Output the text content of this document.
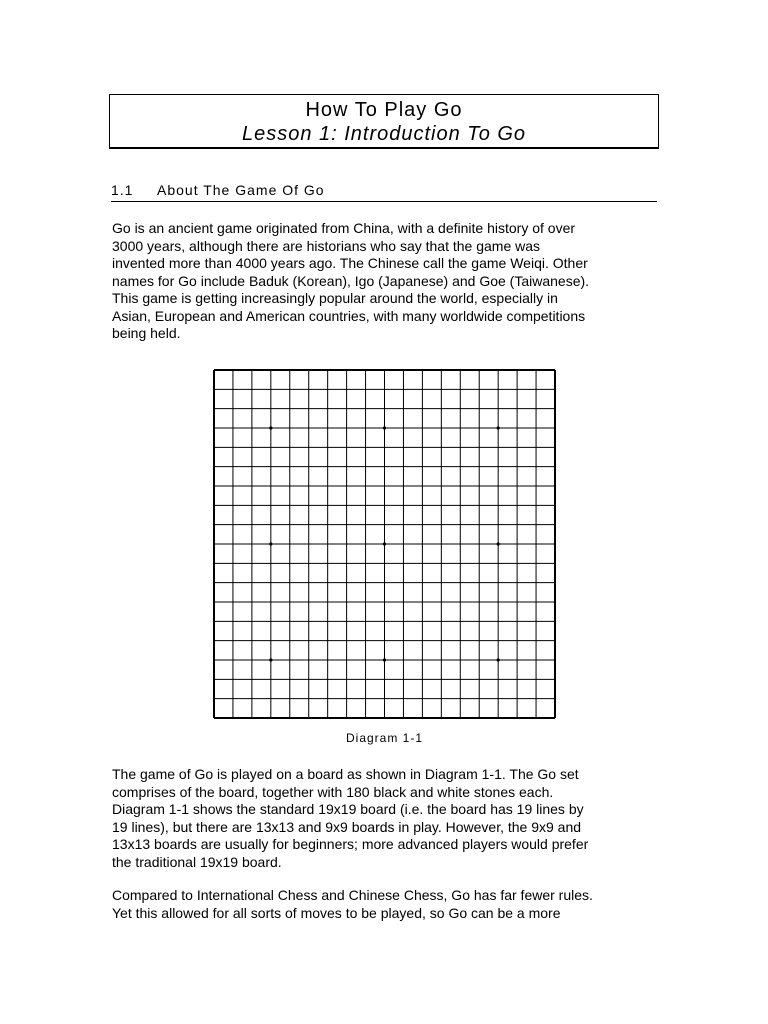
How To Play Go
Lesson 1: Introduction To Go
1.1 About The Game Of Go
Go is an ancient game originated from China, with a definite history of over
3000 years, although there are historians who say that the game was
invented more than 4000 years ago. The Chinese call the game Weiqi. Other
names for Go include Baduk (Korean), Igo (Japanese) and Goe (Taiwanese).
This game is getting increasingly popular around the world, especially in
Asian, European and American countries, with many worldwide competitions
being held.
Diagram 1-1
The game of Go is played on a board as shown in Diagram 1-1. The Go set
comprises of the board, together with 180 black and white stones each.
Diagram 1-1 shows the standard 19x19 board (i.e. the board has 19 lines by
19 lines), but there are 13x13 and 9x9 boards in play. However, the 9x9 and
13x13 boards are usually for beginners; more advanced players would prefer
the traditional 19x19 board.
Compared to International Chess and Chinese Chess, Go has far fewer rules.
Yet this allowed for all sorts of moves to be played, so Go can be a more
